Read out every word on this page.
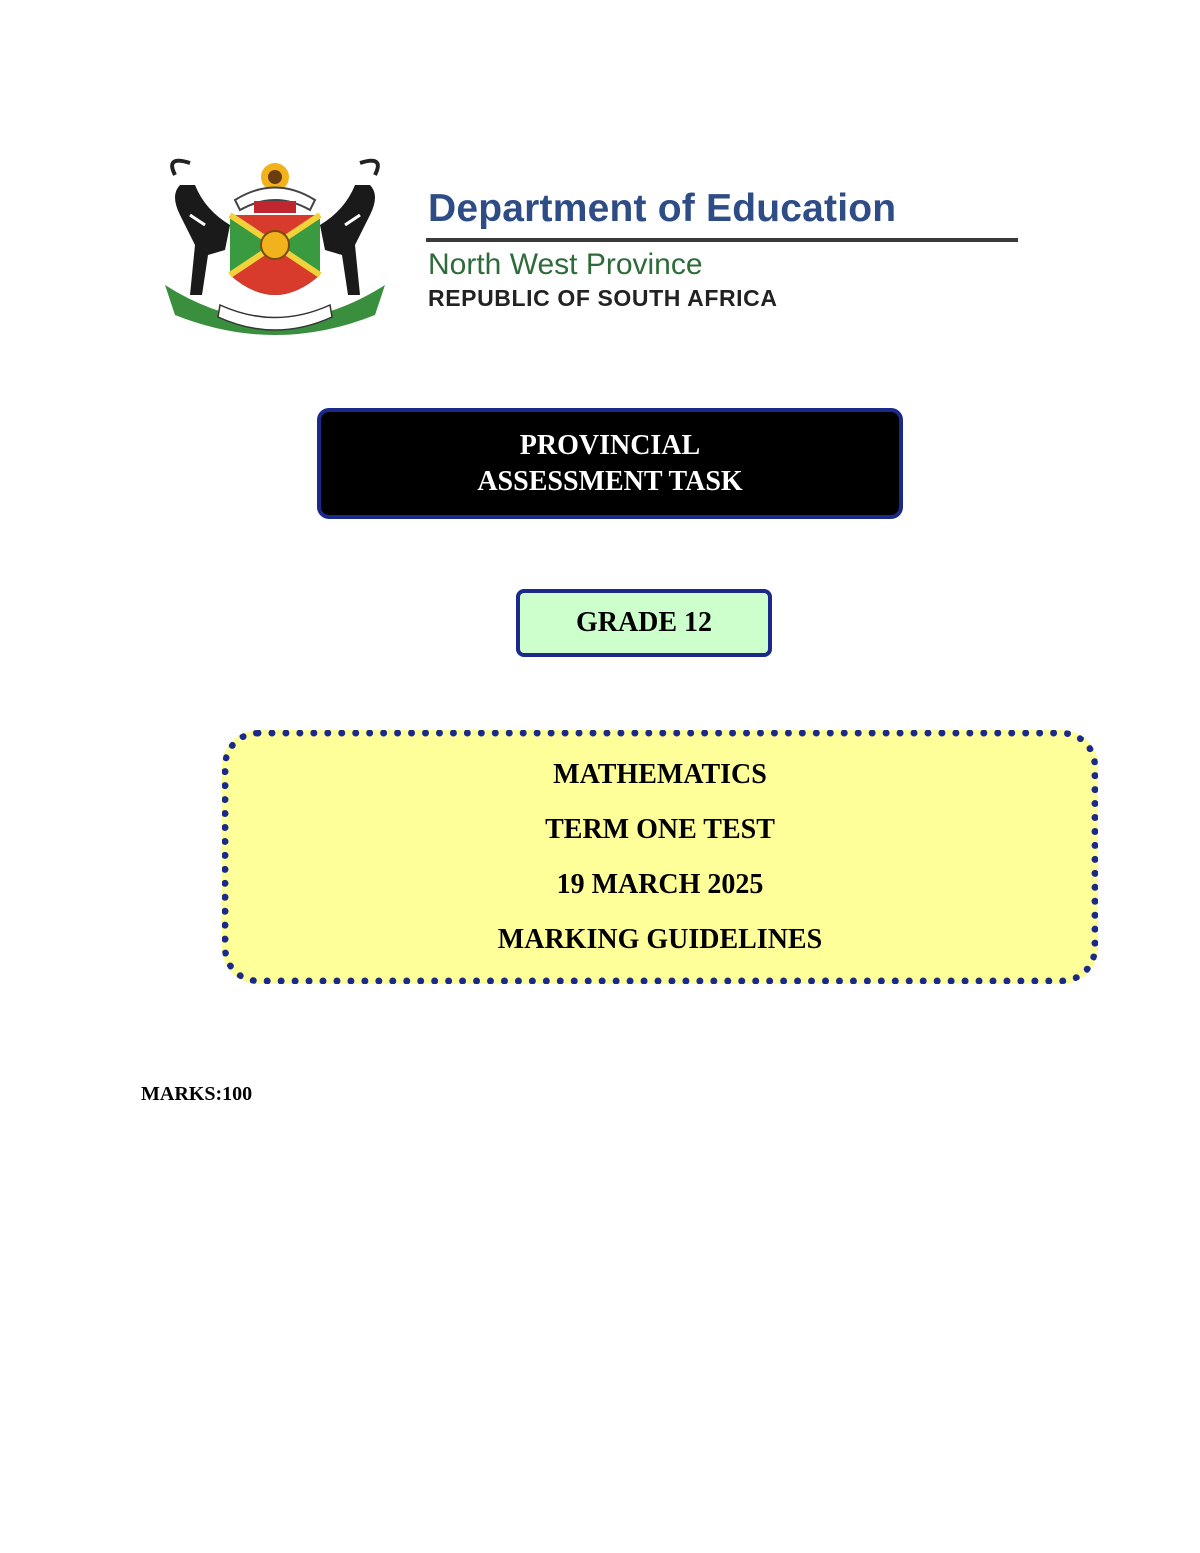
Department of Education
North West Province
REPUBLIC OF SOUTH AFRICA
PROVINCIAL
ASSESSMENT TASK
GRADE 12
MATHEMATICS
TERM ONE TEST
19 MARCH 2025
MARKING GUIDELINES
MARKS:100
